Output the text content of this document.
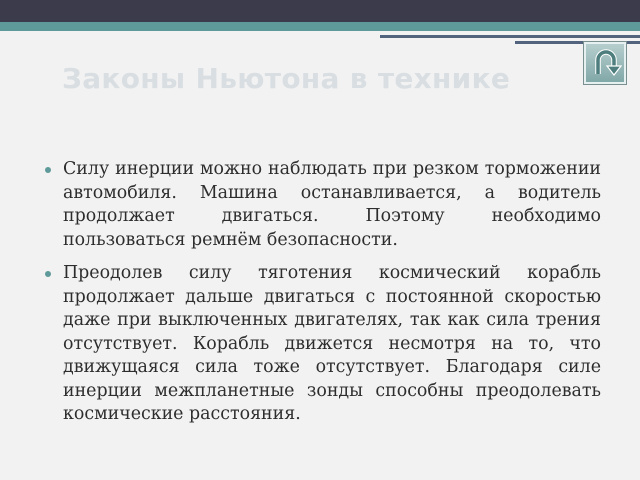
Законы Ньютона в технике
Силу инерции можно наблюдать при резком торможении автомобиля. Машина останавливается, а водитель продолжает двигаться. Поэтому необходимо пользоваться ремнём безопасности.
Преодолев силу тяготения космический корабль продолжает дальше двигаться с постоянной скоростью даже при выключенных двигателях, так как сила трения отсутствует. Корабль движется несмотря на то, что движущаяся сила тоже отсутствует. Благодаря силе инерции межпланетные зонды способны преодолевать космические расстояния.
